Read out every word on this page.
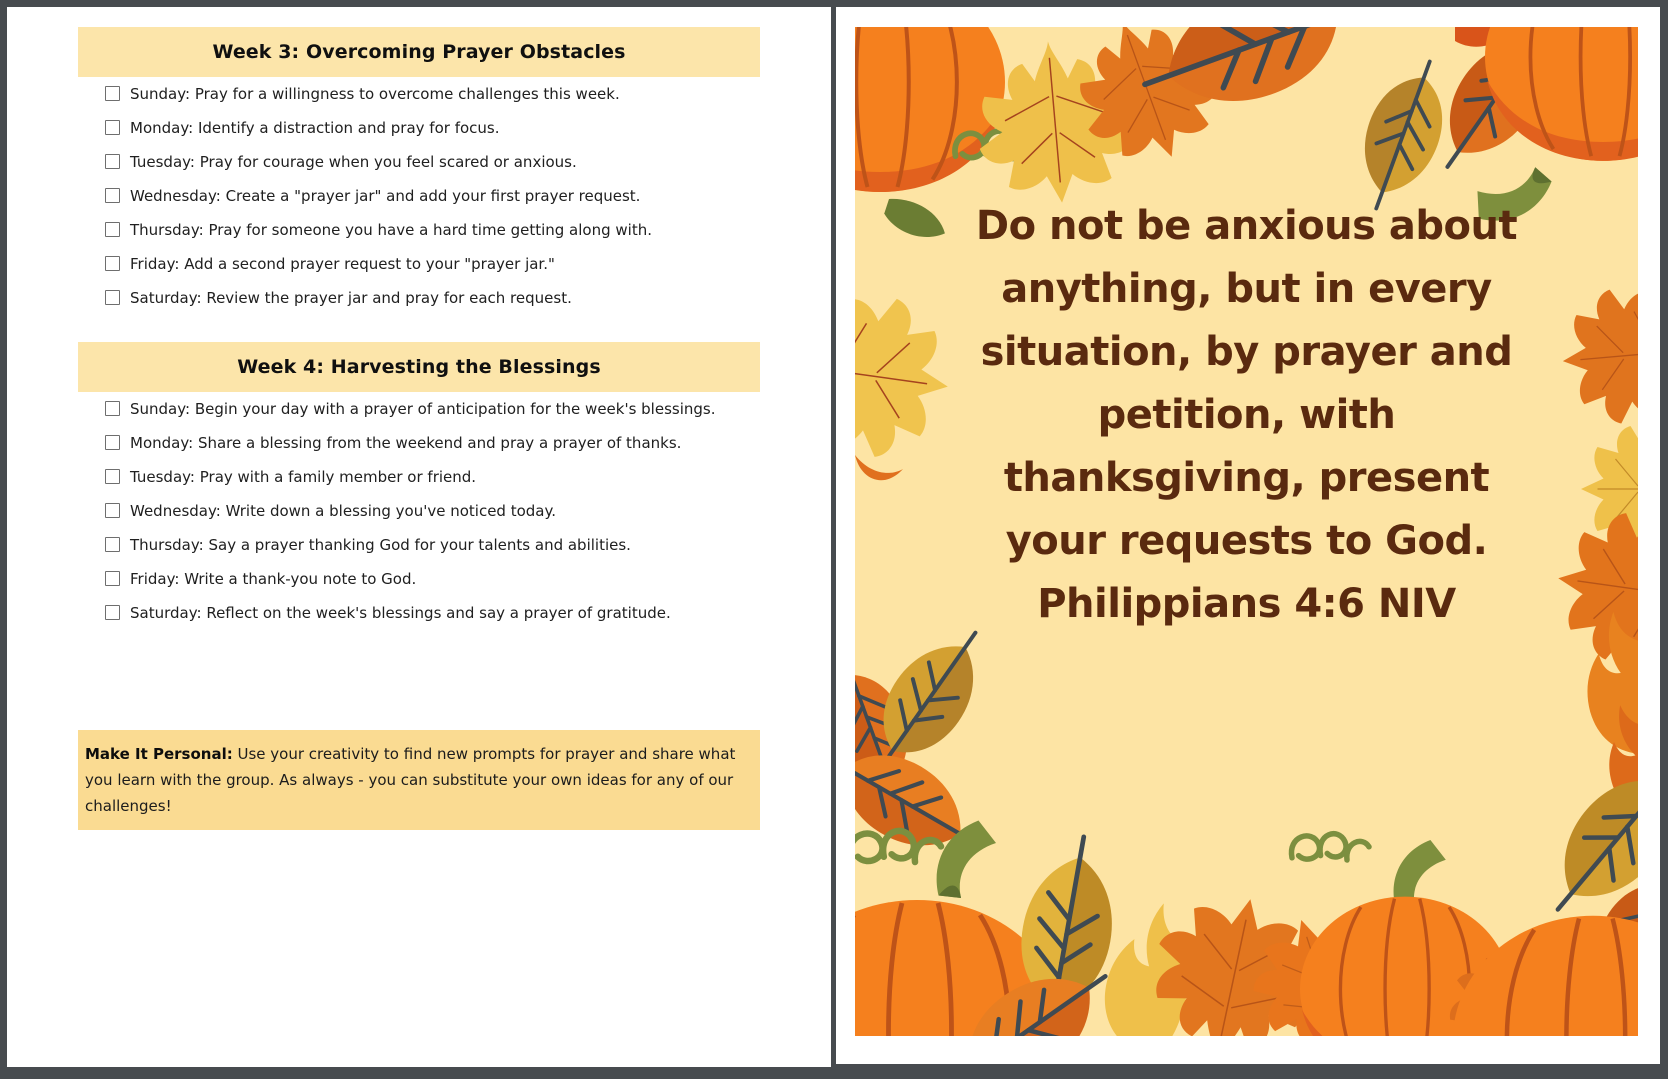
Week 3: Overcoming Prayer Obstacles
Sunday: Pray for a willingness to overcome challenges this week.
Monday: Identify a distraction and pray for focus.
Tuesday: Pray for courage when you feel scared or anxious.
Wednesday: Create a "prayer jar" and add your first prayer request.
Thursday: Pray for someone you have a hard time getting along with.
Friday: Add a second prayer request to your "prayer jar."
Saturday: Review the prayer jar and pray for each request.
Week 4: Harvesting the Blessings
Sunday: Begin your day with a prayer of anticipation for the week's blessings.
Monday: Share a blessing from the weekend and pray a prayer of thanks.
Tuesday: Pray with a family member or friend.
Wednesday: Write down a blessing you've noticed today.
Thursday: Say a prayer thanking God for your talents and abilities.
Friday: Write a thank-you note to God.
Saturday: Reflect on the week's blessings and say a prayer of gratitude.
Make It Personal: Use your creativity to find new prompts for prayer and share what you learn with the group. As always - you can substitute your own ideas for any of our challenges!
Do not be anxious about
anything, but in every
situation, by prayer and
petition, with
thanksgiving, present
your requests to God.
Philippians 4:6 NIV
